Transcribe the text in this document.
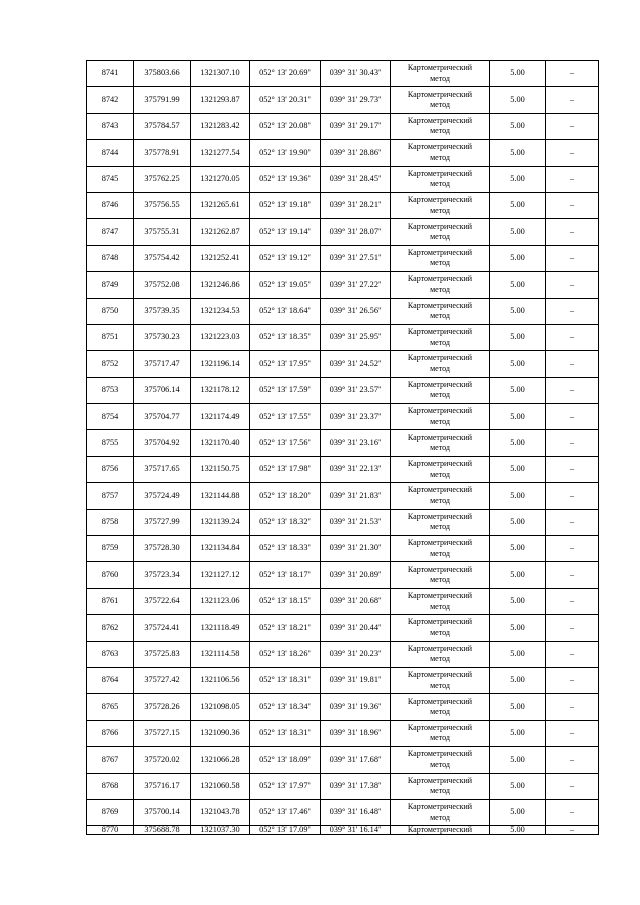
8741	375803.66	1321307.10	052° 13' 20.69"	039° 31' 30.43"	Картометрический
метод	5.00	–
8742	375791.99	1321293.87	052° 13' 20.31"	039° 31' 29.73"	Картометрический
метод	5.00	–
8743	375784.57	1321283.42	052° 13' 20.08"	039° 31' 29.17"	Картометрический
метод	5.00	–
8744	375778.91	1321277.54	052° 13' 19.90"	039° 31' 28.86"	Картометрический
метод	5.00	–
8745	375762.25	1321270.05	052° 13' 19.36"	039° 31' 28.45"	Картометрический
метод	5.00	–
8746	375756.55	1321265.61	052° 13' 19.18"	039° 31' 28.21"	Картометрический
метод	5.00	–
8747	375755.31	1321262.87	052° 13' 19.14"	039° 31' 28.07"	Картометрический
метод	5.00	–
8748	375754.42	1321252.41	052° 13' 19.12"	039° 31' 27.51"	Картометрический
метод	5.00	–
8749	375752.08	1321246.86	052° 13' 19.05"	039° 31' 27.22"	Картометрический
метод	5.00	–
8750	375739.35	1321234.53	052° 13' 18.64"	039° 31' 26.56"	Картометрический
метод	5.00	–
8751	375730.23	1321223.03	052° 13' 18.35"	039° 31' 25.95"	Картометрический
метод	5.00	–
8752	375717.47	1321196.14	052° 13' 17.95"	039° 31' 24.52"	Картометрический
метод	5.00	–
8753	375706.14	1321178.12	052° 13' 17.59"	039° 31' 23.57"	Картометрический
метод	5.00	–
8754	375704.77	1321174.49	052° 13' 17.55"	039° 31' 23.37"	Картометрический
метод	5.00	–
8755	375704.92	1321170.40	052° 13' 17.56"	039° 31' 23.16"	Картометрический
метод	5.00	–
8756	375717.65	1321150.75	052° 13' 17.98"	039° 31' 22.13"	Картометрический
метод	5.00	–
8757	375724.49	1321144.88	052° 13' 18.20"	039° 31' 21.83"	Картометрический
метод	5.00	–
8758	375727.99	1321139.24	052° 13' 18.32"	039° 31' 21.53"	Картометрический
метод	5.00	–
8759	375728.30	1321134.84	052° 13' 18.33"	039° 31' 21.30"	Картометрический
метод	5.00	–
8760	375723.34	1321127.12	052° 13' 18.17"	039° 31' 20.89"	Картометрический
метод	5.00	–
8761	375722.64	1321123.06	052° 13' 18.15"	039° 31' 20.68"	Картометрический
метод	5.00	–
8762	375724.41	1321118.49	052° 13' 18.21"	039° 31' 20.44"	Картометрический
метод	5.00	–
8763	375725.83	1321114.58	052° 13' 18.26"	039° 31' 20.23"	Картометрический
метод	5.00	–
8764	375727.42	1321106.56	052° 13' 18.31"	039° 31' 19.81"	Картометрический
метод	5.00	–
8765	375728.26	1321098.05	052° 13' 18.34"	039° 31' 19.36"	Картометрический
метод	5.00	–
8766	375727.15	1321090.36	052° 13' 18.31"	039° 31' 18.96"	Картометрический
метод	5.00	–
8767	375720.02	1321066.28	052° 13' 18.09"	039° 31' 17.68"	Картометрический
метод	5.00	–
8768	375716.17	1321060.58	052° 13' 17.97"	039° 31' 17.38"	Картометрический
метод	5.00	–
8769	375700.14	1321043.78	052° 13' 17.46"	039° 31' 16.48"	Картометрический
метод	5.00	–
8770	375688.78	1321037.30	052° 13' 17.09"	039° 31' 16.14"	Картометрический	5.00	–
